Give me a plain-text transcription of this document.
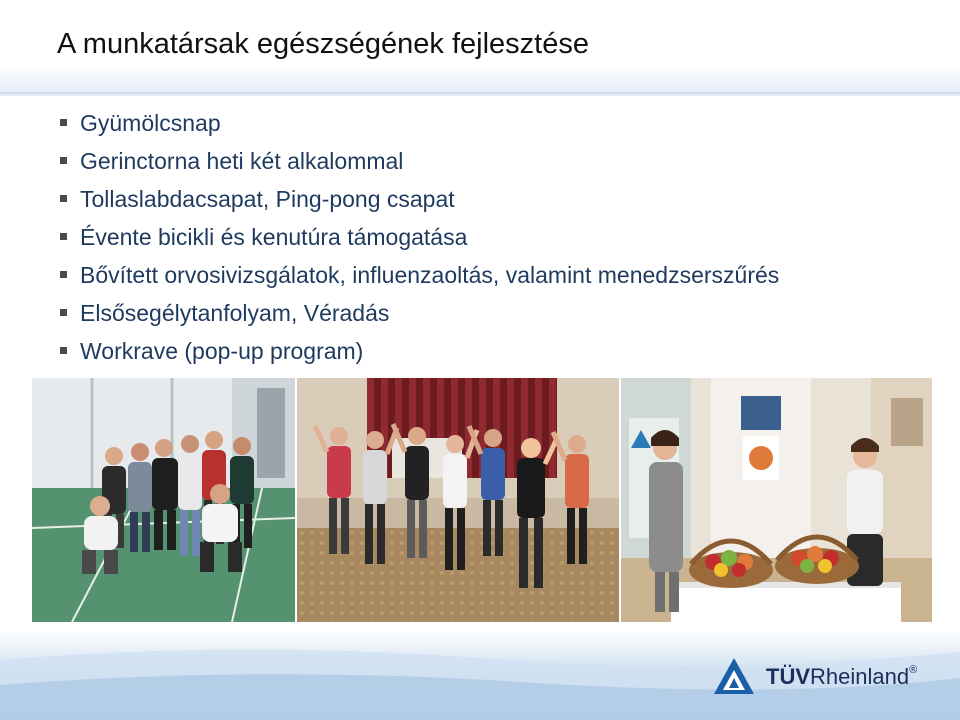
A munkatársak egészségének fejlesztése
Gyümölcsnap
Gerinctorna heti két alkalommal
Tollaslabdacsapat, Ping-pong csapat
Évente bicikli és kenutúra támogatása
Bővített orvosivizsgálatok, influenzaoltás, valamint menedzserszűrés
Elsősegélytanfolyam, Véradás
Workrave (pop-up program)
TÜVRheinland®
